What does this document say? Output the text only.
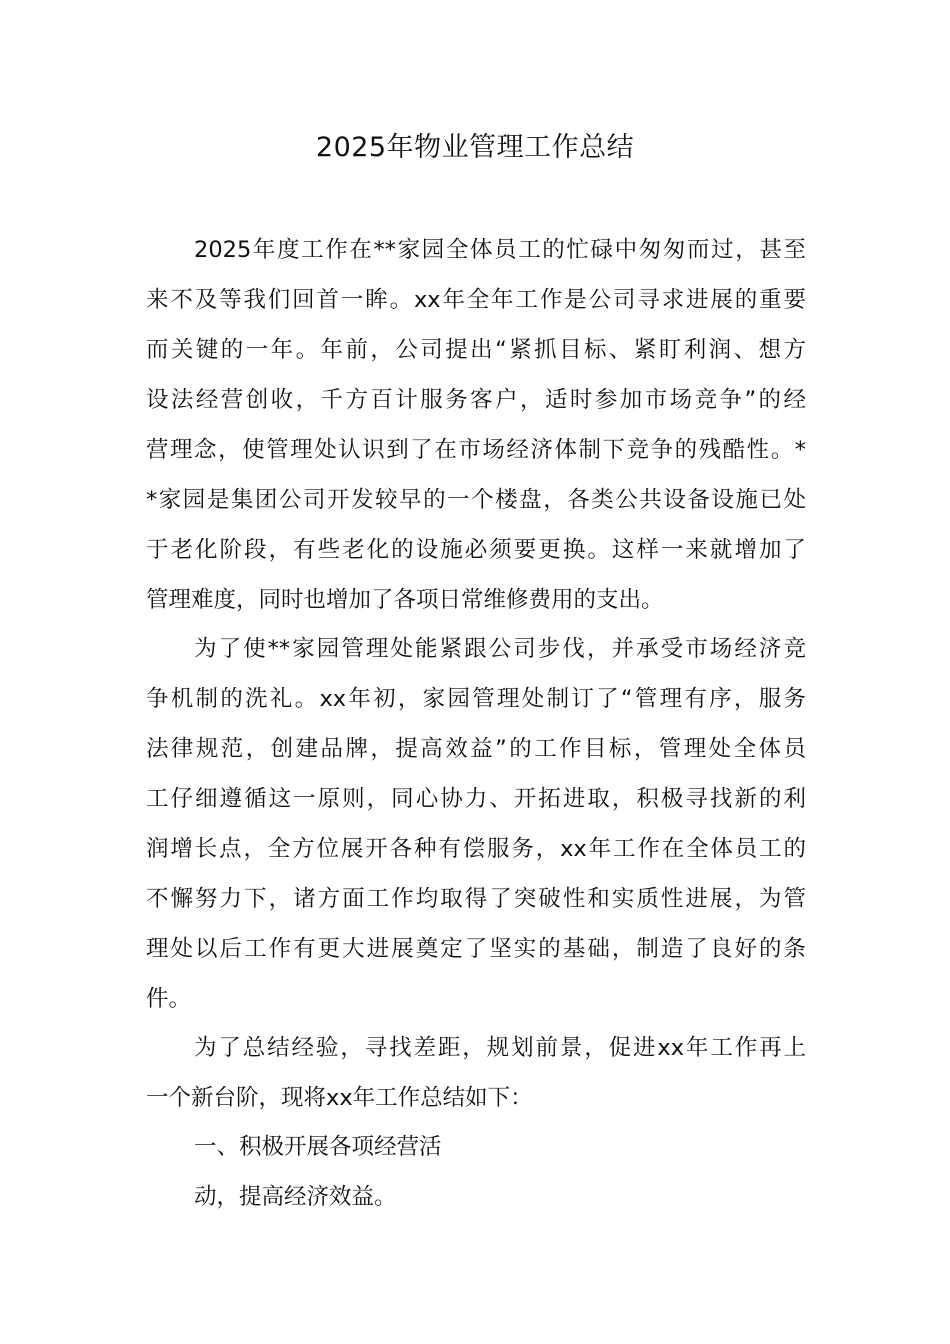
2025年物业管理工作总结
2025年度工作在**家园全体员工的忙碌中匆匆而过，甚至
来不及等我们回首一眸。xx年全年工作是公司寻求进展的重要
而关键的一年。年前，公司提出“紧抓目标、紧盯利润、想方
设法经营创收，千方百计服务客户，适时参加市场竞争”的经
营理念，使管理处认识到了在市场经济体制下竞争的残酷性。*
*家园是集团公司开发较早的一个楼盘，各类公共设备设施已处
于老化阶段，有些老化的设施必须要更换。这样一来就增加了
管理难度，同时也增加了各项日常维修费用的支出。
为了使**家园管理处能紧跟公司步伐，并承受市场经济竞
争机制的洗礼。xx年初，家园管理处制订了“管理有序，服务
法律规范，创建品牌，提高效益”的工作目标，管理处全体员
工仔细遵循这一原则，同心协力、开拓进取，积极寻找新的利
润增长点，全方位展开各种有偿服务，xx年工作在全体员工的
不懈努力下，诸方面工作均取得了突破性和实质性进展，为管
理处以后工作有更大进展奠定了坚实的基础，制造了良好的条
件。
为了总结经验，寻找差距，规划前景，促进xx年工作再上
一个新台阶，现将xx年工作总结如下：
一、积极开展各项经营活
动，提高经济效益。
